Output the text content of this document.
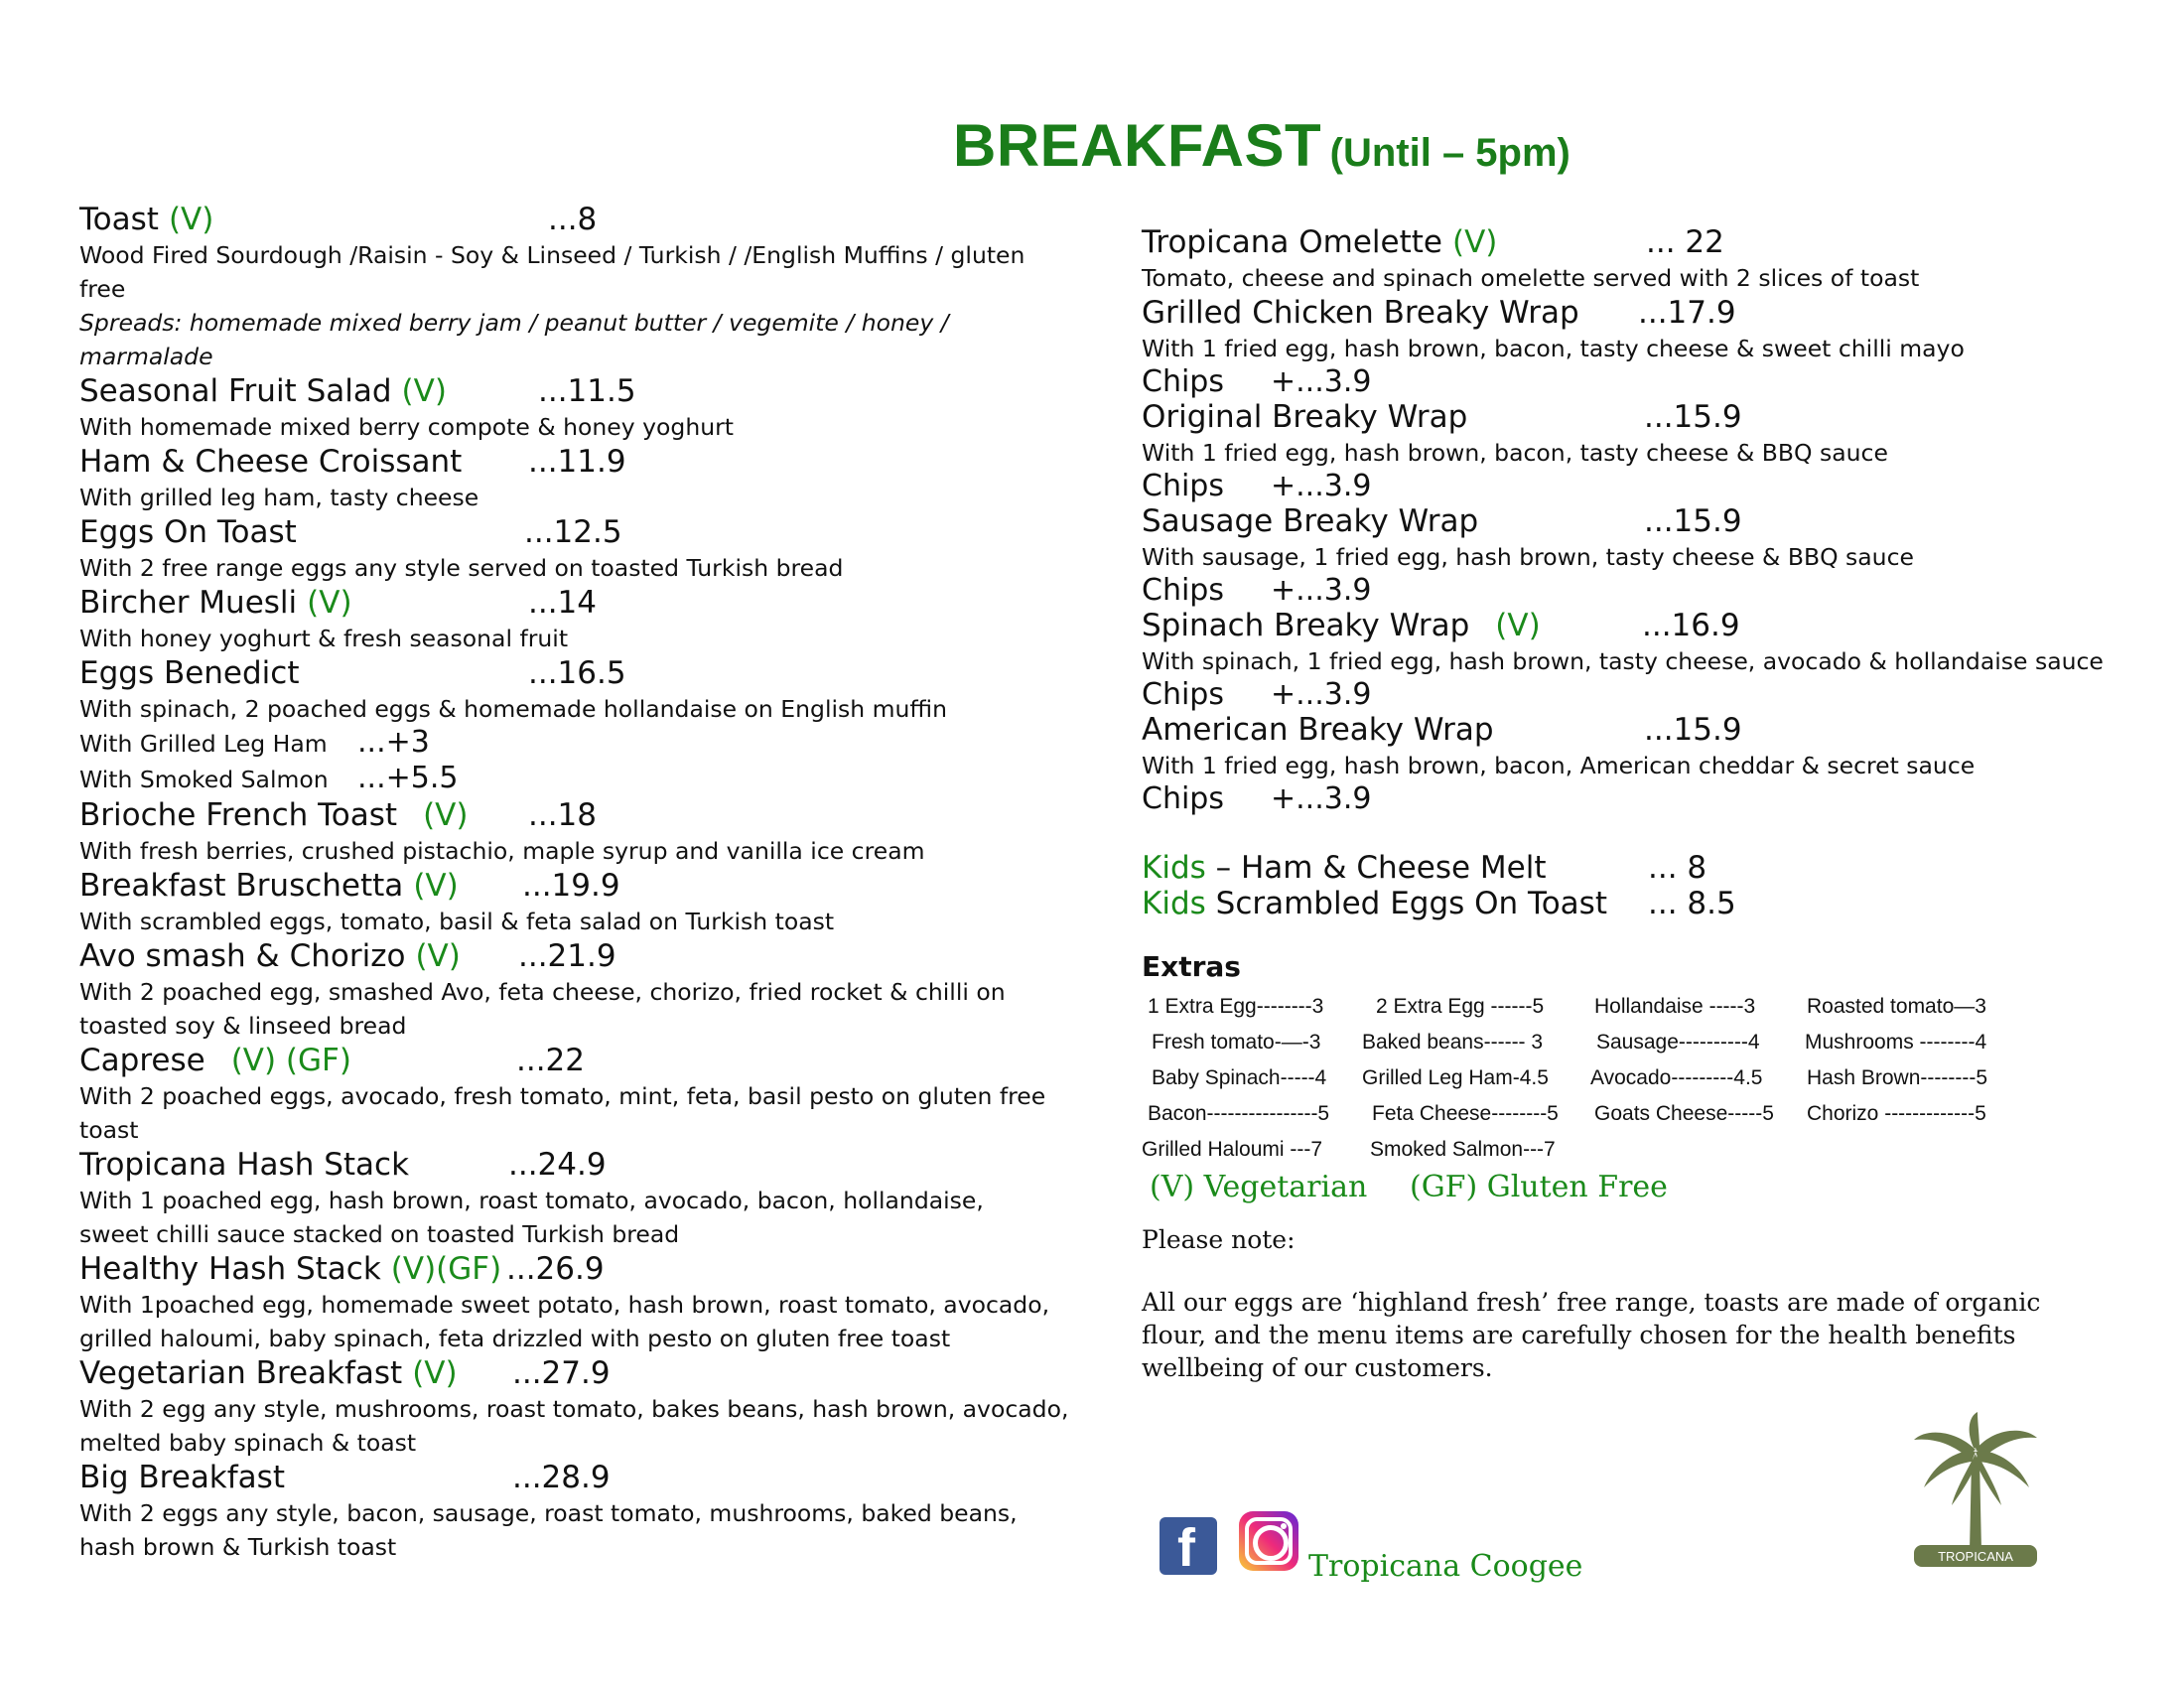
BREAKFAST (Until – 5pm)
Toast (V)	...8
Wood Fired Sourdough /Raisin - Soy & Linseed / Turkish / /English Muffins / gluten free
Spreads: homemade mixed berry jam / peanut butter / vegemite / honey / marmalade
Seasonal Fruit Salad (V)	...11.5
With homemade mixed berry compote & honey yoghurt
Ham & Cheese Croissant	...11.9
With grilled leg ham, tasty cheese
Eggs On Toast	...12.5
With 2 free range eggs any style served on toasted Turkish bread
Bircher Muesli (V)	...14
With honey yoghurt & fresh seasonal fruit
Eggs Benedict	...16.5
With spinach, 2 poached eggs & homemade hollandaise on English muffin
With Grilled Leg Ham ...+3
With Smoked Salmon ...+5.5
Brioche French Toast (V)	...18
With fresh berries, crushed pistachio, maple syrup and vanilla ice cream
Breakfast Bruschetta (V)	...19.9
With scrambled eggs, tomato, basil & feta salad on Turkish toast
Avo smash & Chorizo (V)	...21.9
With 2 poached egg, smashed Avo, feta cheese, chorizo, fried rocket & chilli on toasted soy & linseed bread
Caprese (V) (GF)	...22
With 2 poached eggs, avocado, fresh tomato, mint, feta, basil pesto on gluten free toast
Tropicana Hash Stack	...24.9
With 1 poached egg, hash brown, roast tomato, avocado, bacon, hollandaise, sweet chilli sauce stacked on toasted Turkish bread
Healthy Hash Stack (V)(GF) ...26.9
With 1poached egg, homemade sweet potato, hash brown, roast tomato, avocado, grilled haloumi, baby spinach, feta drizzled with pesto on gluten free toast
Vegetarian Breakfast (V)	...27.9
With 2 egg any style, mushrooms, roast tomato, bakes beans, hash brown, avocado, melted baby spinach & toast
Big Breakfast	...28.9
With 2 eggs any style, bacon, sausage, roast tomato, mushrooms, baked beans, hash brown & Turkish toast
Tropicana Omelette (V)	... 22
Tomato, cheese and spinach omelette served with 2 slices of toast
Grilled Chicken Breaky Wrap	...17.9
With 1 fried egg, hash brown, bacon, tasty cheese & sweet chilli mayo
Chips +...3.9
Original Breaky Wrap	...15.9
With 1 fried egg, hash brown, bacon, tasty cheese & BBQ sauce
Chips +...3.9
Sausage Breaky Wrap	...15.9
With sausage, 1 fried egg, hash brown, tasty cheese & BBQ sauce
Chips +...3.9
Spinach Breaky Wrap (V)	...16.9
With spinach, 1 fried egg, hash brown, tasty cheese, avocado & hollandaise sauce
Chips +...3.9
American Breaky Wrap	...15.9
With 1 fried egg, hash brown, bacon, American cheddar & secret sauce
Chips +...3.9
Kids – Ham & Cheese Melt	... 8
Kids Scrambled Eggs On Toast ... 8.5
Extras
1 Extra Egg--------3	2 Extra Egg ------5 Hollandaise -----3 Roasted tomato—3
Fresh tomato-—-3 Baked beans------ 3	Sausage----------4 Mushrooms --------4
Baby Spinach-----4 Grilled Leg Ham-4.5 Avocado---------4.5 Hash Brown--------5
Bacon----------------5 Feta Cheese--------5 Goats Cheese-----5 Chorizo -------------5
Grilled Haloumi ---7 Smoked Salmon---7
(V) Vegetarian (GF) Gluten Free
Please note:
All our eggs are ‘highland fresh’ free range, toasts are made of organic flour, and the menu items are carefully chosen for the health benefits wellbeing of our customers.
f	Tropicana Coogee	TROPICANA
